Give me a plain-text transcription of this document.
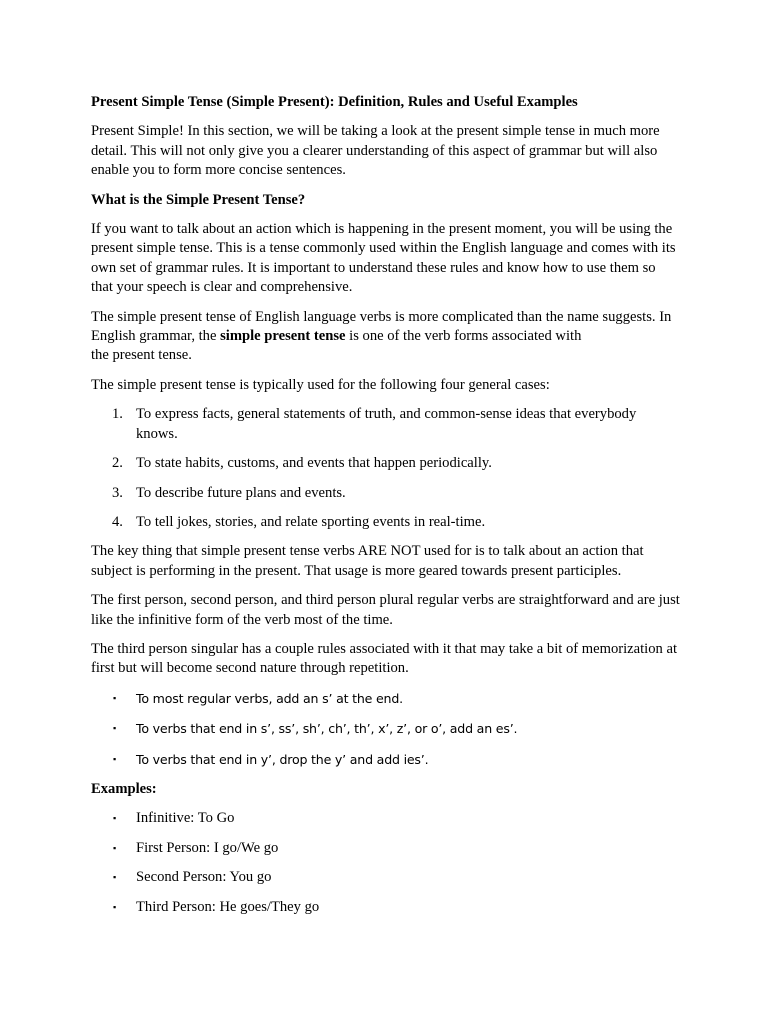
Present Simple Tense (Simple Present): Definition, Rules and Useful Examples

Present Simple! In this section, we will be taking a look at the present simple tense in much more detail. This will not only give you a clearer understanding of this aspect of grammar but will also enable you to form more concise sentences.

What is the Simple Present Tense?

If you want to talk about an action which is happening in the present moment, you will be using the present simple tense. This is a tense commonly used within the English language and comes with its own set of grammar rules. It is important to understand these rules and know how to use them so that your speech is clear and comprehensive.

The simple present tense of English language verbs is more complicated than the name suggests. In English grammar, the simple present tense is one of the verb forms associated with
the present tense.

The simple present tense is typically used for the following four general cases:

1. To express facts, general statements of truth, and common-sense ideas that everybody knows.
2. To state habits, customs, and events that happen periodically.
3. To describe future plans and events.
4. To tell jokes, stories, and relate sporting events in real-time.

The key thing that simple present tense verbs ARE NOT used for is to talk about an action that subject is performing in the present. That usage is more geared towards present participles.

The first person, second person, and third person plural regular verbs are straightforward and are just like the infinitive form of the verb most of the time.

The third person singular has a couple rules associated with it that may take a bit of memorization at first but will become second nature through repetition.

▪ To most regular verbs, add an s’ at the end.
▪ To verbs that end in s’, ss’, sh’, ch’, th’, x’, z’, or o’, add an es’.
▪ To verbs that end in y’, drop the y’ and add ies’.

Examples:

▪ Infinitive: To Go
▪ First Person: I go/We go
▪ Second Person: You go
▪ Third Person: He goes/They go
